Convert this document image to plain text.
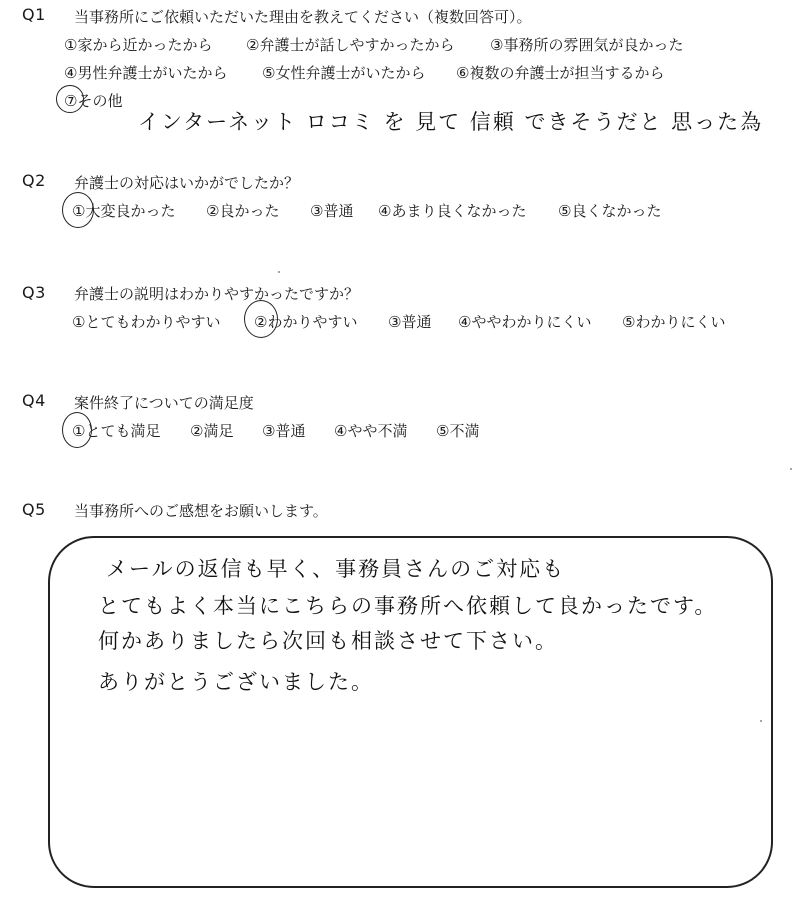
Q1 当事務所にご依頼いただいた理由を教えてください（複数回答可）。
①家から近かったから ②弁護士が話しやすかったから ③事務所の雰囲気が良かった
④男性弁護士がいたから ⑤女性弁護士がいたから ⑥複数の弁護士が担当するから
⑦その他
インターネット ロコミ を 見て 信頼 できそうだと 思った為
Q2 弁護士の対応はいかがでしたか？
①大変良かった ②良かった ③普通 ④あまり良くなかった ⑤良くなかった
Q3 弁護士の説明はわかりやすかったですか？
①とてもわかりやすい ②わかりやすい ③普通 ④ややわかりにくい ⑤わかりにくい
Q4 案件終了についての満足度
①とても満足 ②満足 ③普通 ④やや不満 ⑤不満
Q5 当事務所へのご感想をお願いします。
メールの返信も早く、事務員さんのご対応も
とてもよく本当にこちらの事務所へ依頼して良かったです。
何かありましたら次回も相談させて下さい。
ありがとうございました。
